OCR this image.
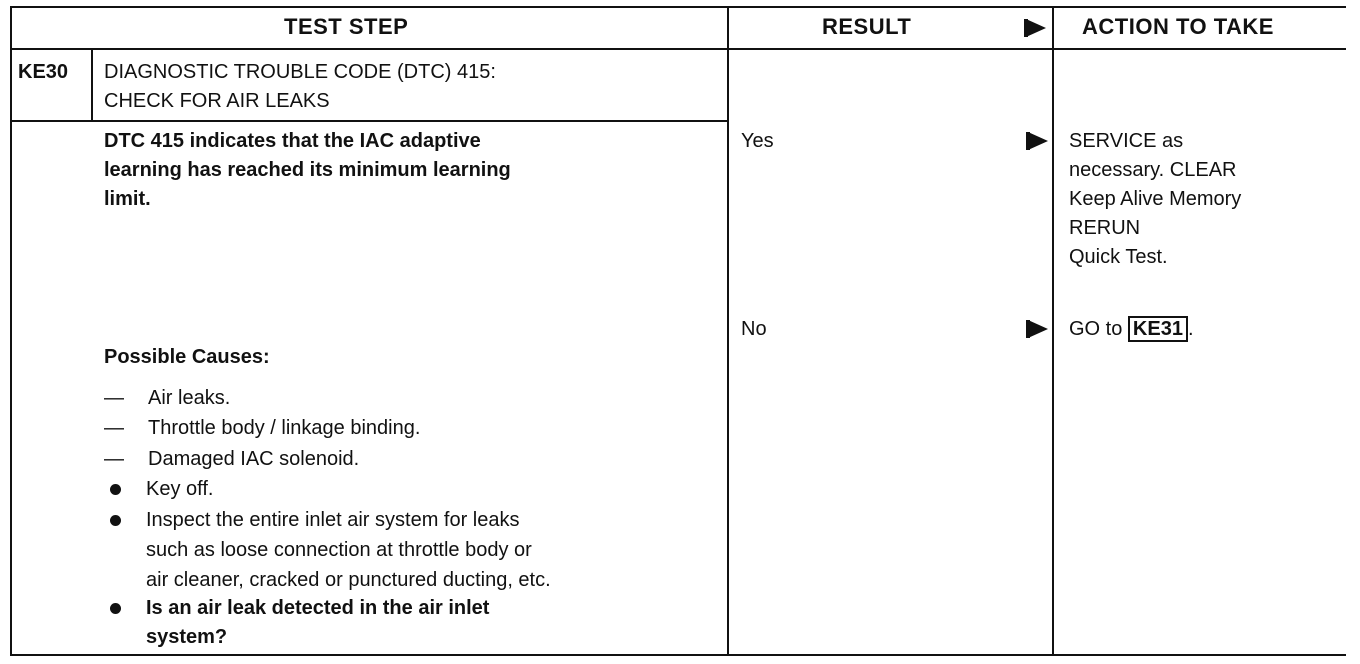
TEST STEP	RESULT	ACTION TO TAKE
KE30 DIAGNOSTIC TROUBLE CODE (DTC) 415:
CHECK FOR AIR LEAKS
DTC 415 indicates that the IAC adaptive
learning has reached its minimum learning
limit.
Possible Causes:
— Air leaks.
— Throttle body / linkage binding.
— Damaged IAC solenoid.
Key off.
Inspect the entire inlet air system for leaks
such as loose connection at throttle body or
air cleaner, cracked or punctured ducting, etc.
Is an air leak detected in the air inlet
system?
Yes
No
SERVICE as
necessary. CLEAR
Keep Alive Memory
RERUN
Quick Test.
GO to KE31 .
